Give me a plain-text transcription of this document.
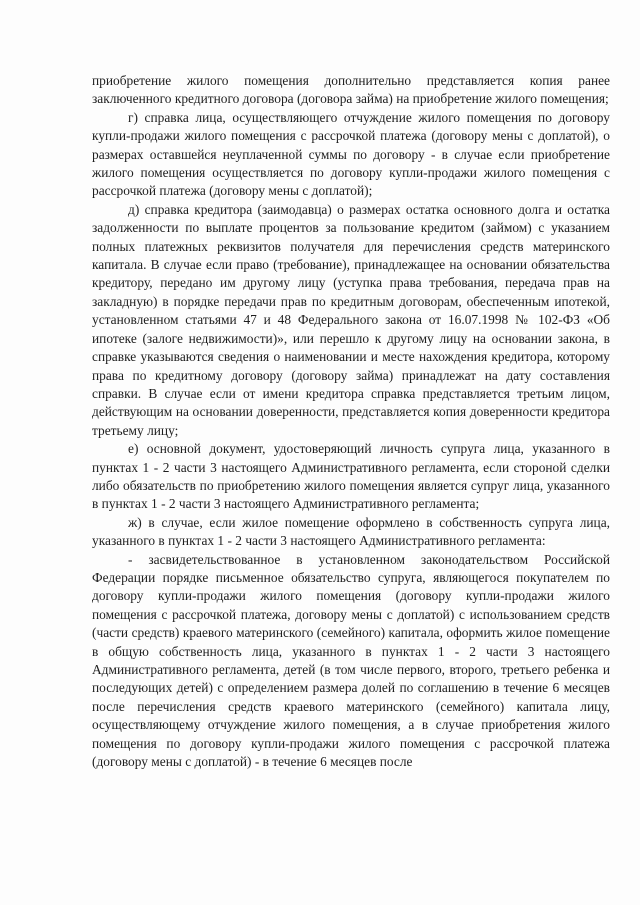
приобретение жилого помещения дополнительно представляется копия ранее заключенного кредитного договора (договора займа) на приобретение жилого помещения;

г) справка лица, осуществляющего отчуждение жилого помещения по договору купли-продажи жилого помещения с рассрочкой платежа (договору мены с доплатой), о размерах оставшейся неуплаченной суммы по договору - в случае если приобретение жилого помещения осуществляется по договору купли-продажи жилого помещения с рассрочкой платежа (договору мены с доплатой);

д) справка кредитора (заимодавца) о размерах остатка основного долга и остатка задолженности по выплате процентов за пользование кредитом (займом) с указанием полных платежных реквизитов получателя для перечисления средств материнского капитала. В случае если право (требование), принадлежащее на основании обязательства кредитору, передано им другому лицу (уступка права требования, передача прав на закладную) в порядке передачи прав по кредитным договорам, обеспеченным ипотекой, установленном статьями 47 и 48 Федерального закона от 16.07.1998 № 102-ФЗ «Об ипотеке (залоге недвижимости)», или перешло к другому лицу на основании закона, в справке указываются сведения о наименовании и месте нахождения кредитора, которому права по кредитному договору (договору займа) принадлежат на дату составления справки. В случае если от имени кредитора справка представляется третьим лицом, действующим на основании доверенности, представляется копия доверенности кредитора третьему лицу;

е) основной документ, удостоверяющий личность супруга лица, указанного в пунктах 1 - 2 части 3 настоящего Административного регламента, если стороной сделки либо обязательств по приобретению жилого помещения является супруг лица, указанного в пунктах 1 - 2 части 3 настоящего Административного регламента;

ж) в случае, если жилое помещение оформлено в собственность супруга лица, указанного в пунктах 1 - 2 части 3 настоящего Административного регламента:

- засвидетельствованное в установленном законодательством Российской Федерации порядке письменное обязательство супруга, являющегося покупателем по договору купли-продажи жилого помещения (договору купли-продажи жилого помещения с рассрочкой платежа, договору мены с доплатой) с использованием средств (части средств) краевого материнского (семейного) капитала, оформить жилое помещение в общую собственность лица, указанного в пунктах 1 - 2 части 3 настоящего Административного регламента, детей (в том числе первого, второго, третьего ребенка и последующих детей) с определением размера долей по соглашению в течение 6 месяцев после перечисления средств краевого материнского (семейного) капитала лицу, осуществляющему отчуждение жилого помещения, а в случае приобретения жилого помещения по договору купли-продажи жилого помещения с рассрочкой платежа (договору мены с доплатой) - в течение 6 месяцев после
